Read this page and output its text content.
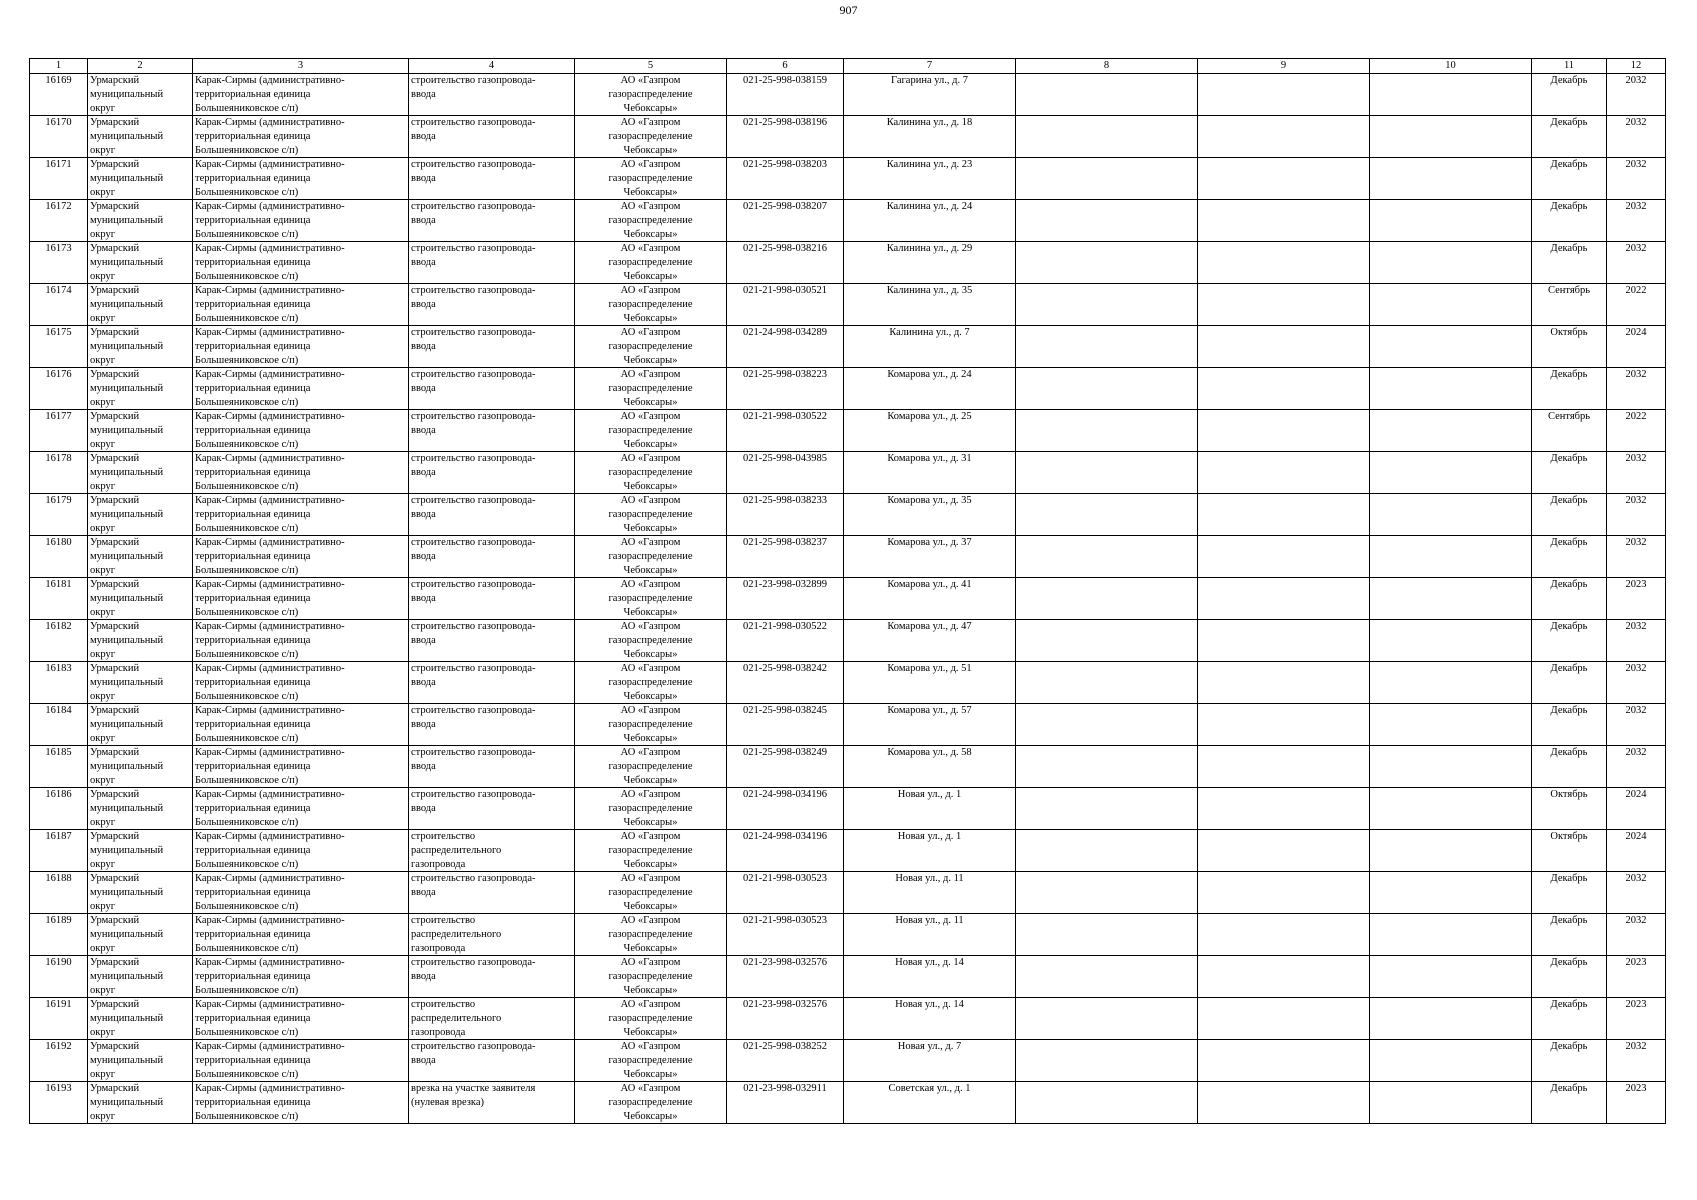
907
1	2	3	4	5	6	7	8	9	10	11	12

16169	Урмарский
муниципальный
округ	Карак-Сирмы (административно-
территориальная единица
Большеяниковское с/п)	строительство газопровода-
ввода	АО «Газпром
газораспределение
Чебоксары»	021-25-998-038159	Гагарина ул., д. 7				Декабрь	2032

16170	Урмарский
муниципальный
округ	Карак-Сирмы (административно-
территориальная единица
Большеяниковское с/п)	строительство газопровода-
ввода	АО «Газпром
газораспределение
Чебоксары»	021-25-998-038196	Калинина ул., д. 18				Декабрь	2032

16171	Урмарский
муниципальный
округ	Карак-Сирмы (административно-
территориальная единица
Большеяниковское с/п)	строительство газопровода-
ввода	АО «Газпром
газораспределение
Чебоксары»	021-25-998-038203	Калинина ул., д. 23				Декабрь	2032

16172	Урмарский
муниципальный
округ	Карак-Сирмы (административно-
территориальная единица
Большеяниковское с/п)	строительство газопровода-
ввода	АО «Газпром
газораспределение
Чебоксары»	021-25-998-038207	Калинина ул., д. 24				Декабрь	2032

16173	Урмарский
муниципальный
округ	Карак-Сирмы (административно-
территориальная единица
Большеяниковское с/п)	строительство газопровода-
ввода	АО «Газпром
газораспределение
Чебоксары»	021-25-998-038216	Калинина ул., д. 29				Декабрь	2032

16174	Урмарский
муниципальный
округ	Карак-Сирмы (административно-
территориальная единица
Большеяниковское с/п)	строительство газопровода-
ввода	АО «Газпром
газораспределение
Чебоксары»	021-21-998-030521	Калинина ул., д. 35				Сентябрь	2022

16175	Урмарский
муниципальный
округ	Карак-Сирмы (административно-
территориальная единица
Большеяниковское с/п)	строительство газопровода-
ввода	АО «Газпром
газораспределение
Чебоксары»	021-24-998-034289	Калинина ул., д. 7				Октябрь	2024

16176	Урмарский
муниципальный
округ	Карак-Сирмы (административно-
территориальная единица
Большеяниковское с/п)	строительство газопровода-
ввода	АО «Газпром
газораспределение
Чебоксары»	021-25-998-038223	Комарова ул., д. 24				Декабрь	2032

16177	Урмарский
муниципальный
округ	Карак-Сирмы (административно-
территориальная единица
Большеяниковское с/п)	строительство газопровода-
ввода	АО «Газпром
газораспределение
Чебоксары»	021-21-998-030522	Комарова ул., д. 25				Сентябрь	2022

16178	Урмарский
муниципальный
округ	Карак-Сирмы (административно-
территориальная единица
Большеяниковское с/п)	строительство газопровода-
ввода	АО «Газпром
газораспределение
Чебоксары»	021-25-998-043985	Комарова ул., д. 31				Декабрь	2032

16179	Урмарский
муниципальный
округ	Карак-Сирмы (административно-
территориальная единица
Большеяниковское с/п)	строительство газопровода-
ввода	АО «Газпром
газораспределение
Чебоксары»	021-25-998-038233	Комарова ул., д. 35				Декабрь	2032

16180	Урмарский
муниципальный
округ	Карак-Сирмы (административно-
территориальная единица
Большеяниковское с/п)	строительство газопровода-
ввода	АО «Газпром
газораспределение
Чебоксары»	021-25-998-038237	Комарова ул., д. 37				Декабрь	2032

16181	Урмарский
муниципальный
округ	Карак-Сирмы (административно-
территориальная единица
Большеяниковское с/п)	строительство газопровода-
ввода	АО «Газпром
газораспределение
Чебоксары»	021-23-998-032899	Комарова ул., д. 41				Декабрь	2023

16182	Урмарский
муниципальный
округ	Карак-Сирмы (административно-
территориальная единица
Большеяниковское с/п)	строительство газопровода-
ввода	АО «Газпром
газораспределение
Чебоксары»	021-21-998-030522	Комарова ул., д. 47				Декабрь	2032

16183	Урмарский
муниципальный
округ	Карак-Сирмы (административно-
территориальная единица
Большеяниковское с/п)	строительство газопровода-
ввода	АО «Газпром
газораспределение
Чебоксары»	021-25-998-038242	Комарова ул., д. 51				Декабрь	2032

16184	Урмарский
муниципальный
округ	Карак-Сирмы (административно-
территориальная единица
Большеяниковское с/п)	строительство газопровода-
ввода	АО «Газпром
газораспределение
Чебоксары»	021-25-998-038245	Комарова ул., д. 57				Декабрь	2032

16185	Урмарский
муниципальный
округ	Карак-Сирмы (административно-
территориальная единица
Большеяниковское с/п)	строительство газопровода-
ввода	АО «Газпром
газораспределение
Чебоксары»	021-25-998-038249	Комарова ул., д. 58				Декабрь	2032

16186	Урмарский
муниципальный
округ	Карак-Сирмы (административно-
территориальная единица
Большеяниковское с/п)	строительство газопровода-
ввода	АО «Газпром
газораспределение
Чебоксары»	021-24-998-034196	Новая ул., д. 1				Октябрь	2024

16187	Урмарский
муниципальный
округ	Карак-Сирмы (административно-
территориальная единица
Большеяниковское с/п)	строительство
распределительного
газопровода	АО «Газпром
газораспределение
Чебоксары»	021-24-998-034196	Новая ул., д. 1				Октябрь	2024

16188	Урмарский
муниципальный
округ	Карак-Сирмы (административно-
территориальная единица
Большеяниковское с/п)	строительство газопровода-
ввода	АО «Газпром
газораспределение
Чебоксары»	021-21-998-030523	Новая ул., д. 11				Декабрь	2032

16189	Урмарский
муниципальный
округ	Карак-Сирмы (административно-
территориальная единица
Большеяниковское с/п)	строительство
распределительного
газопровода	АО «Газпром
газораспределение
Чебоксары»	021-21-998-030523	Новая ул., д. 11				Декабрь	2032

16190	Урмарский
муниципальный
округ	Карак-Сирмы (административно-
территориальная единица
Большеяниковское с/п)	строительство газопровода-
ввода	АО «Газпром
газораспределение
Чебоксары»	021-23-998-032576	Новая ул., д. 14				Декабрь	2023

16191	Урмарский
муниципальный
округ	Карак-Сирмы (административно-
территориальная единица
Большеяниковское с/п)	строительство
распределительного
газопровода	АО «Газпром
газораспределение
Чебоксары»	021-23-998-032576	Новая ул., д. 14				Декабрь	2023

16192	Урмарский
муниципальный
округ	Карак-Сирмы (административно-
территориальная единица
Большеяниковское с/п)	строительство газопровода-
ввода	АО «Газпром
газораспределение
Чебоксары»	021-25-998-038252	Новая ул., д. 7				Декабрь	2032

16193	Урмарский
муниципальный
округ	Карак-Сирмы (административно-
территориальная единица
Большеяниковское с/п)	врезка на участке заявителя
(нулевая врезка)	АО «Газпром
газораспределение
Чебоксары»	021-23-998-032911	Советская ул., д. 1				Декабрь	2023
